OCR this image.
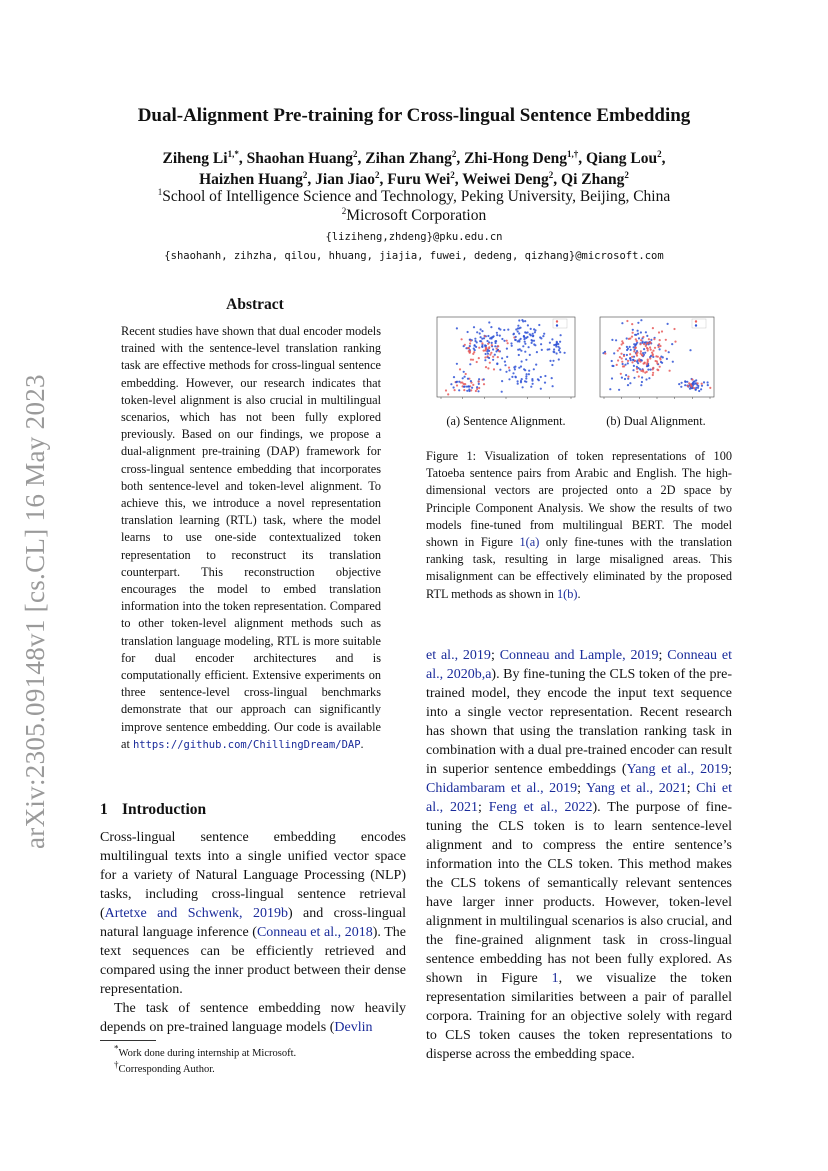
arXiv:2305.09148v1 [cs.CL] 16 May 2023
Dual-Alignment Pre-training for Cross-lingual Sentence Embedding
Ziheng $Li^{1,*}$, Shaohan Huang$^2$, Zihan Zhang$^2$, Zhi-Hong Deng$^{1,\dagger}$, Qiang Lou$^2$,
Haizhen Huang$^2$, Jian Jiao$^2$, Furu Wei$^2$, Weiwei Deng$^2$, Qi Zhang$^2$
$^1$School of Intelligence Science and Technology, Peking University, Beijing, China
$^2$Microsoft Corporation
{liziheng,zhdeng}@pku.edu.cn
{shaohanh, zihzha, qilou, hhuang, jiajia, fuwei, dedeng, qizhang}@microsoft.com
Abstract
Recent studies have shown that dual encoder models trained with the sentence-level translation ranking task are effective methods for cross-lingual sentence embedding. However, our research indicates that token-level alignment is also crucial in multilingual scenarios, which has not been fully explored previously. Based on our findings, we propose a dual-alignment pre-training (DAP) framework for cross-lingual sentence embedding that incorporates both sentence-level and token-level alignment. To achieve this, we introduce a novel representation translation learning (RTL) task, where the model learns to use one-side contextualized token representation to reconstruct its translation counterpart. This reconstruction objective encourages the model to embed translation information into the token representation. Compared to other token-level alignment methods such as translation language modeling, RTL is more suitable for dual encoder architectures and is computationally efficient. Extensive experiments on three sentence-level cross-lingual benchmarks demonstrate that our approach can significantly improve sentence embedding. Our code is available at https://github.com/ChillingDream/DAP.
(a) Sentence Alignment.	(b) Dual Alignment.
Figure 1: Visualization of token representations of 100 Tatoeba sentence pairs from Arabic and English. The high-dimensional vectors are projected onto a 2D space by Principle Component Analysis. We show the results of two models fine-tuned from multilingual BERT. The model shown in Figure 1(a) only fine-tunes with the translation ranking task, resulting in large misaligned areas. This misalignment can be effectively eliminated by the proposed RTL methods as shown in 1(b).
1 Introduction

Cross-lingual sentence embedding encodes multilingual texts into a single unified vector space for a variety of Natural Language Processing (NLP) tasks, including cross-lingual sentence retrieval (Artetxe and Schwenk, 2019b) and cross-lingual natural language inference (Conneau et al., 2018). The text sequences can be efficiently retrieved and compared using the inner product between their dense representation.

The task of sentence embedding now heavily depends on pre-trained language models (Devlin

*Work done during internship at Microsoft.
†Corresponding Author.
et al., 2019; Conneau and Lample, 2019; Conneau et al., 2020b,a). By fine-tuning the CLS token of the pre-trained model, they encode the input text sequence into a single vector representation. Recent research has shown that using the translation ranking task in combination with a dual pre-trained encoder can result in superior sentence embeddings (Yang et al., 2019; Chidambaram et al., 2019; Yang et al., 2021; Chi et al., 2021; Feng et al., 2022). The purpose of fine-tuning the CLS token is to learn sentence-level alignment and to compress the entire sentence’s information into the CLS token. This method makes the CLS tokens of semantically relevant sentences have larger inner products. However, token-level alignment in multilingual scenarios is also crucial, and the fine-grained alignment task in cross-lingual sentence embedding has not been fully explored. As shown in Figure 1, we visualize the token representation similarities between a pair of parallel corpora. Training for an objective solely with regard to CLS token causes the token representations to disperse across the embedding space.
